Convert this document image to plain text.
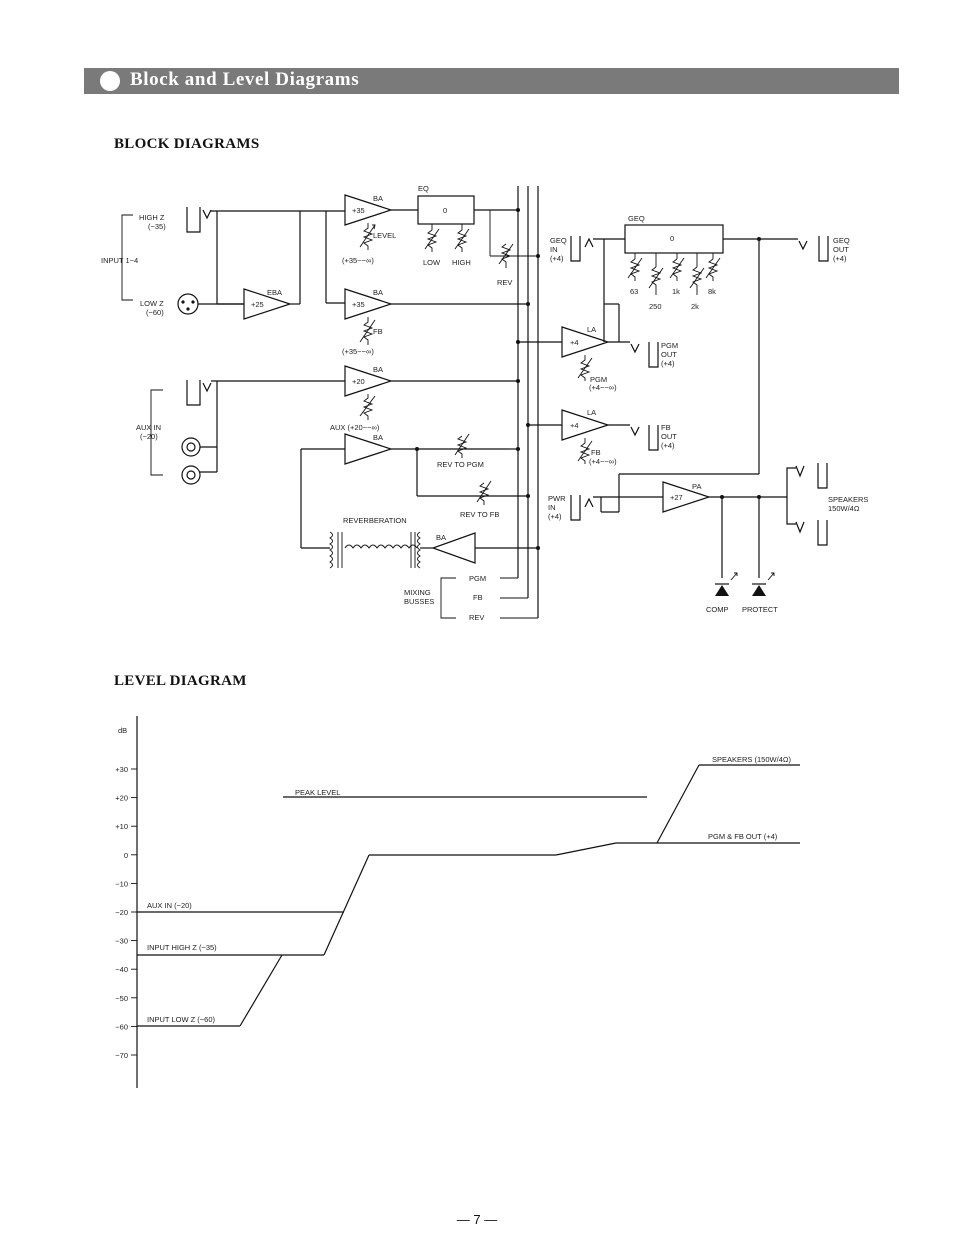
Block and Level Diagrams
BLOCK DIAGRAMS
LEVEL DIAGRAM
HIGH Z
(−35)
INPUT 1~4
LOW Z
(−60)
EBA
+25
BA
+35
LEVEL
(+35~−∞)
EQ
0
LOW HIGH
REV
BA
+35
FB
(+35~−∞)
AUX IN
(−20)
BA
+20
AUX (+20~−∞)
BA
REV TO PGM
REV TO FB
REVERBERATION
BA
MIXING
BUSSES
PGM
FB
REV
LA
+4	PGM
OUT
(+4)
PGM
(+4~−∞)
LA
+4	FB
OUT
(+4)
FB
(+4~−∞)
GEQ
IN
(+4)
GEQ
0
63
250
1k
2k
8k
GEQ
OUT
(+4)
PWR
IN
(+4)
PA
+27	SPEAKERS
150W/4Ω
COMP PROTECT
dB
+30
+20
+10
0
−10
−20
−30
−40
−50
−60
−70
PEAK LEVEL
AUX IN (−20)
INPUT HIGH Z (−35)
INPUT LOW Z (−60)
SPEAKERS (150W/4Ω)
PGM & FB OUT (+4)
— 7 —
